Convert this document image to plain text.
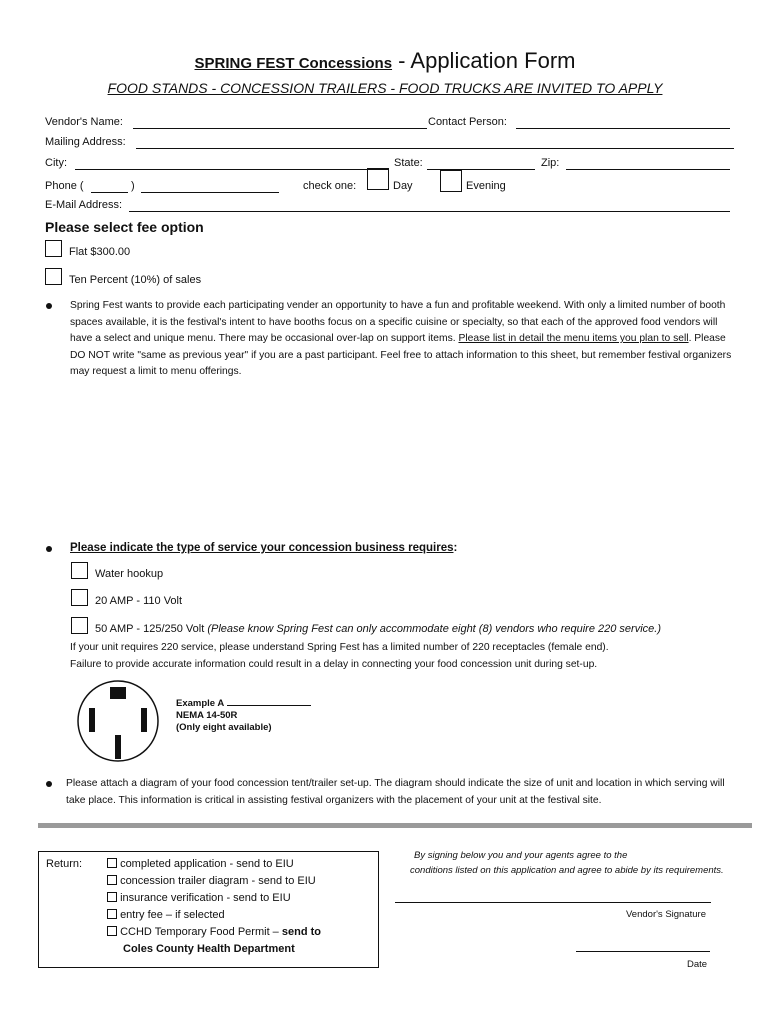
SPRING FEST Concessions - Application Form
FOOD STANDS - CONCESSION TRAILERS - FOOD TRUCKS ARE INVITED TO APPLY
Vendor's Name:	Contact Person:
Mailing Address:
City:	State:	Zip:
Phone (	)	check one:	Day	Evening
E-Mail Address:
Please select fee option
Flat $300.00
Ten Percent (10%) of sales
Spring Fest wants to provide each participating vender an opportunity to have a fun and profitable weekend. With only a limited number of booth spaces available, it is the festival's intent to have booths focus on a specific cuisine or specialty, so that each of the approved food vendors will have a select and unique menu. There may be occasional over-lap on support items. Please list in detail the menu items you plan to sell. Please DO NOT write "same as previous year" if you are a past participant. Feel free to attach information to this sheet, but remember festival organizers may request a limit to menu offerings.
Please indicate the type of service your concession business requires:
Water hookup
20 AMP - 110 Volt
50 AMP - 125/250 Volt (Please know Spring Fest can only accommodate eight (8) vendors who require 220 service.)
If your unit requires 220 service, please understand Spring Fest has a limited number of 220 receptacles (female end).
Failure to provide accurate information could result in a delay in connecting your food concession unit during set-up.
Example A
NEMA 14-50R
(Only eight available)
Please attach a diagram of your food concession tent/trailer set-up. The diagram should indicate the size of unit and location in which serving will take place. This information is critical in assisting festival organizers with the placement of your unit at the festival site.
Return:	completed application - send to EIU
concession trailer diagram - send to EIU
insurance verification - send to EIU
entry fee – if selected
CCHD Temporary Food Permit – send to
Coles County Health Department
By signing below you and your agents agree to the
conditions listed on this application and agree to abide by its requirements.
Vendor's Signature
Date
